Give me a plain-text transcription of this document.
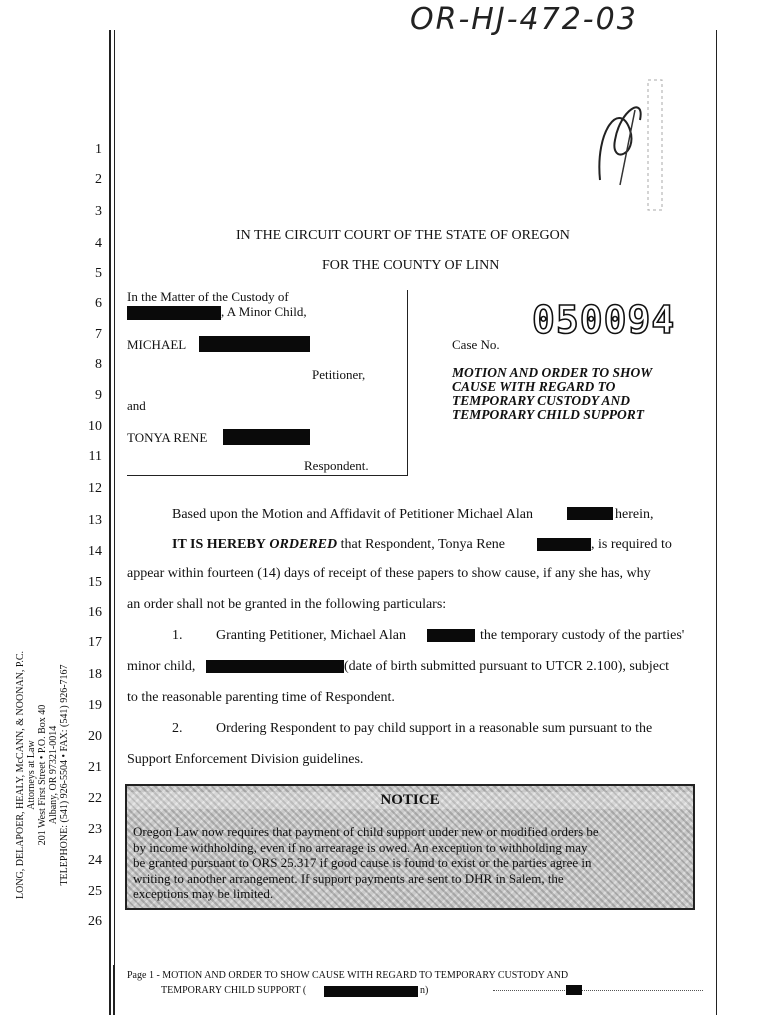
OR-HJ-472-03
1
2
3
4
5
6
7
8
9
10
11
12
13
14
15
16
17
18
19
20
21
22
23
24
25
26
IN THE CIRCUIT COURT OF THE STATE OF OREGON
FOR THE COUNTY OF LINN
In the Matter of the Custody of
, A Minor Child,
MICHAEL
Petitioner,
and
TONYA RENE
Respondent.
Case No.
050094
MOTION AND ORDER TO SHOW
CAUSE WITH REGARD TO
TEMPORARY CUSTODY AND
TEMPORARY CHILD SUPPORT
Based upon the Motion and Affidavit of Petitioner Michael Alan	herein,
IT IS HEREBY ORDERED that Respondent, Tonya Rene	, is required to
appear within fourteen (14) days of receipt of these papers to show cause, if any she has, why
an order shall not be granted in the following particulars:
1. Granting Petitioner, Michael Alan	the temporary custody of the parties'
minor child,	(date of birth submitted pursuant to UTCR 2.100), subject
to the reasonable parenting time of Respondent.
2. Ordering Respondent to pay child support in a reasonable sum pursuant to the
Support Enforcement Division guidelines.
NOTICE
Oregon Law now requires that payment of child support under new or modified orders be
by income withholding, even if no arrearage is owed. An exception to withholding may
be granted pursuant to ORS 25.317 if good cause is found to exist or the parties agree in
writing to another arrangement. If support payments are sent to DHR in Salem, the
exceptions may be limited.
LONG, DELAPOER, HEALY, McCANN, & NOONAN, P.C. Attorneys at Law 201 West First Street • P.O. Box 40 Albany, OR 97321-0014 TELEPHONE: (541) 926-5504 • FAX: (541) 926-7167
Page 1 - MOTION AND ORDER TO SHOW CAUSE WITH REGARD TO TEMPORARY CUSTODY AND
TEMPORARY CHILD SUPPORT (	n)
